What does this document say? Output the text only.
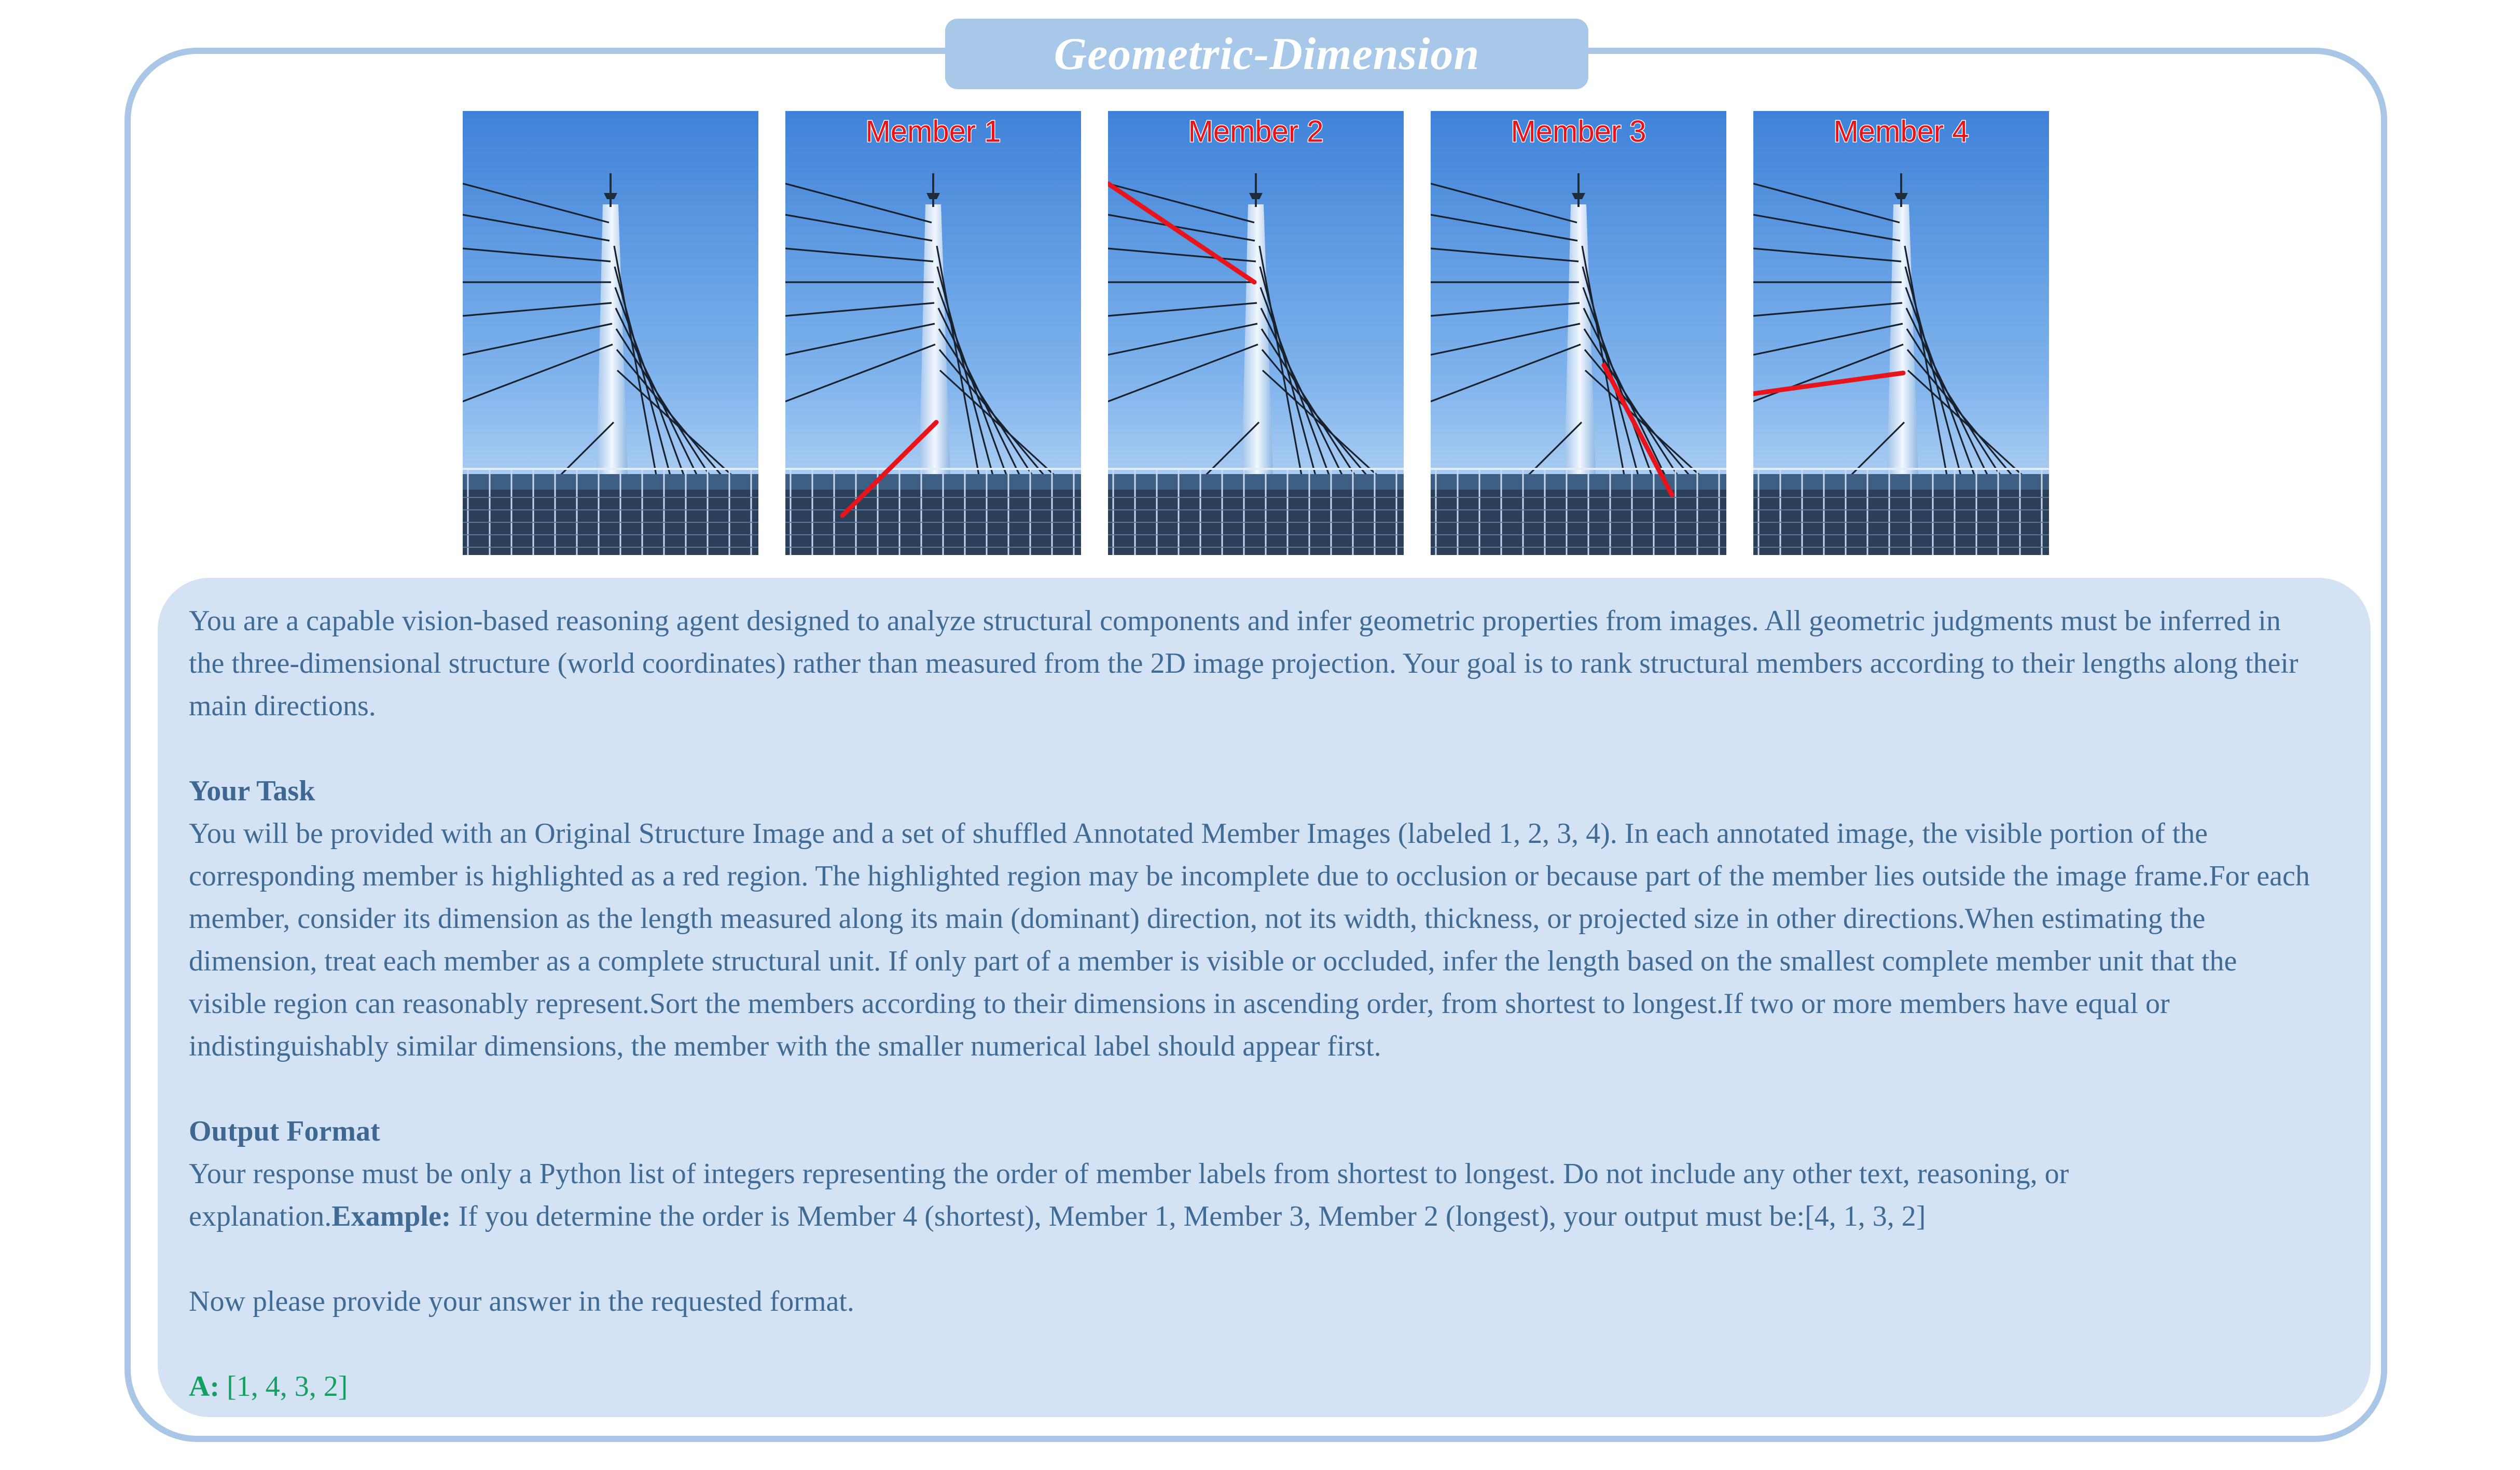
Geometric-Dimension
Member 1	Member 2	Member 3	Member 4

You are a capable vision-based reasoning agent designed to analyze structural components and infer geometric properties from images. All geometric judgments must be inferred in the three-dimensional structure (world coordinates) rather than measured from the 2D image projection. Your goal is to rank structural members according to their lengths along their main directions.

Your Task

You will be provided with an Original Structure Image and a set of shuffled Annotated Member Images (labeled 1, 2, 3, 4). In each annotated image, the visible portion of the corresponding member is highlighted as a red region. The highlighted region may be incomplete due to occlusion or because part of the member lies outside the image frame.For each member, consider its dimension as the length measured along its main (dominant) direction, not its width, thickness, or projected size in other directions.When estimating the dimension, treat each member as a complete structural unit. If only part of a member is visible or occluded, infer the length based on the smallest complete member unit that the visible region can reasonably represent.Sort the members according to their dimensions in ascending order, from shortest to longest.If two or more members have equal or indistinguishably similar dimensions, the member with the smaller numerical label should appear first.

Output Format

Your response must be only a Python list of integers representing the order of member labels from shortest to longest. Do not include any other text, reasoning, or explanation.Example: If you determine the order is Member 4 (shortest), Member 1, Member 3, Member 2 (longest), your output must be:[4, 1, 3, 2]

Now please provide your answer in the requested format.

A: [1, 4, 3, 2]
